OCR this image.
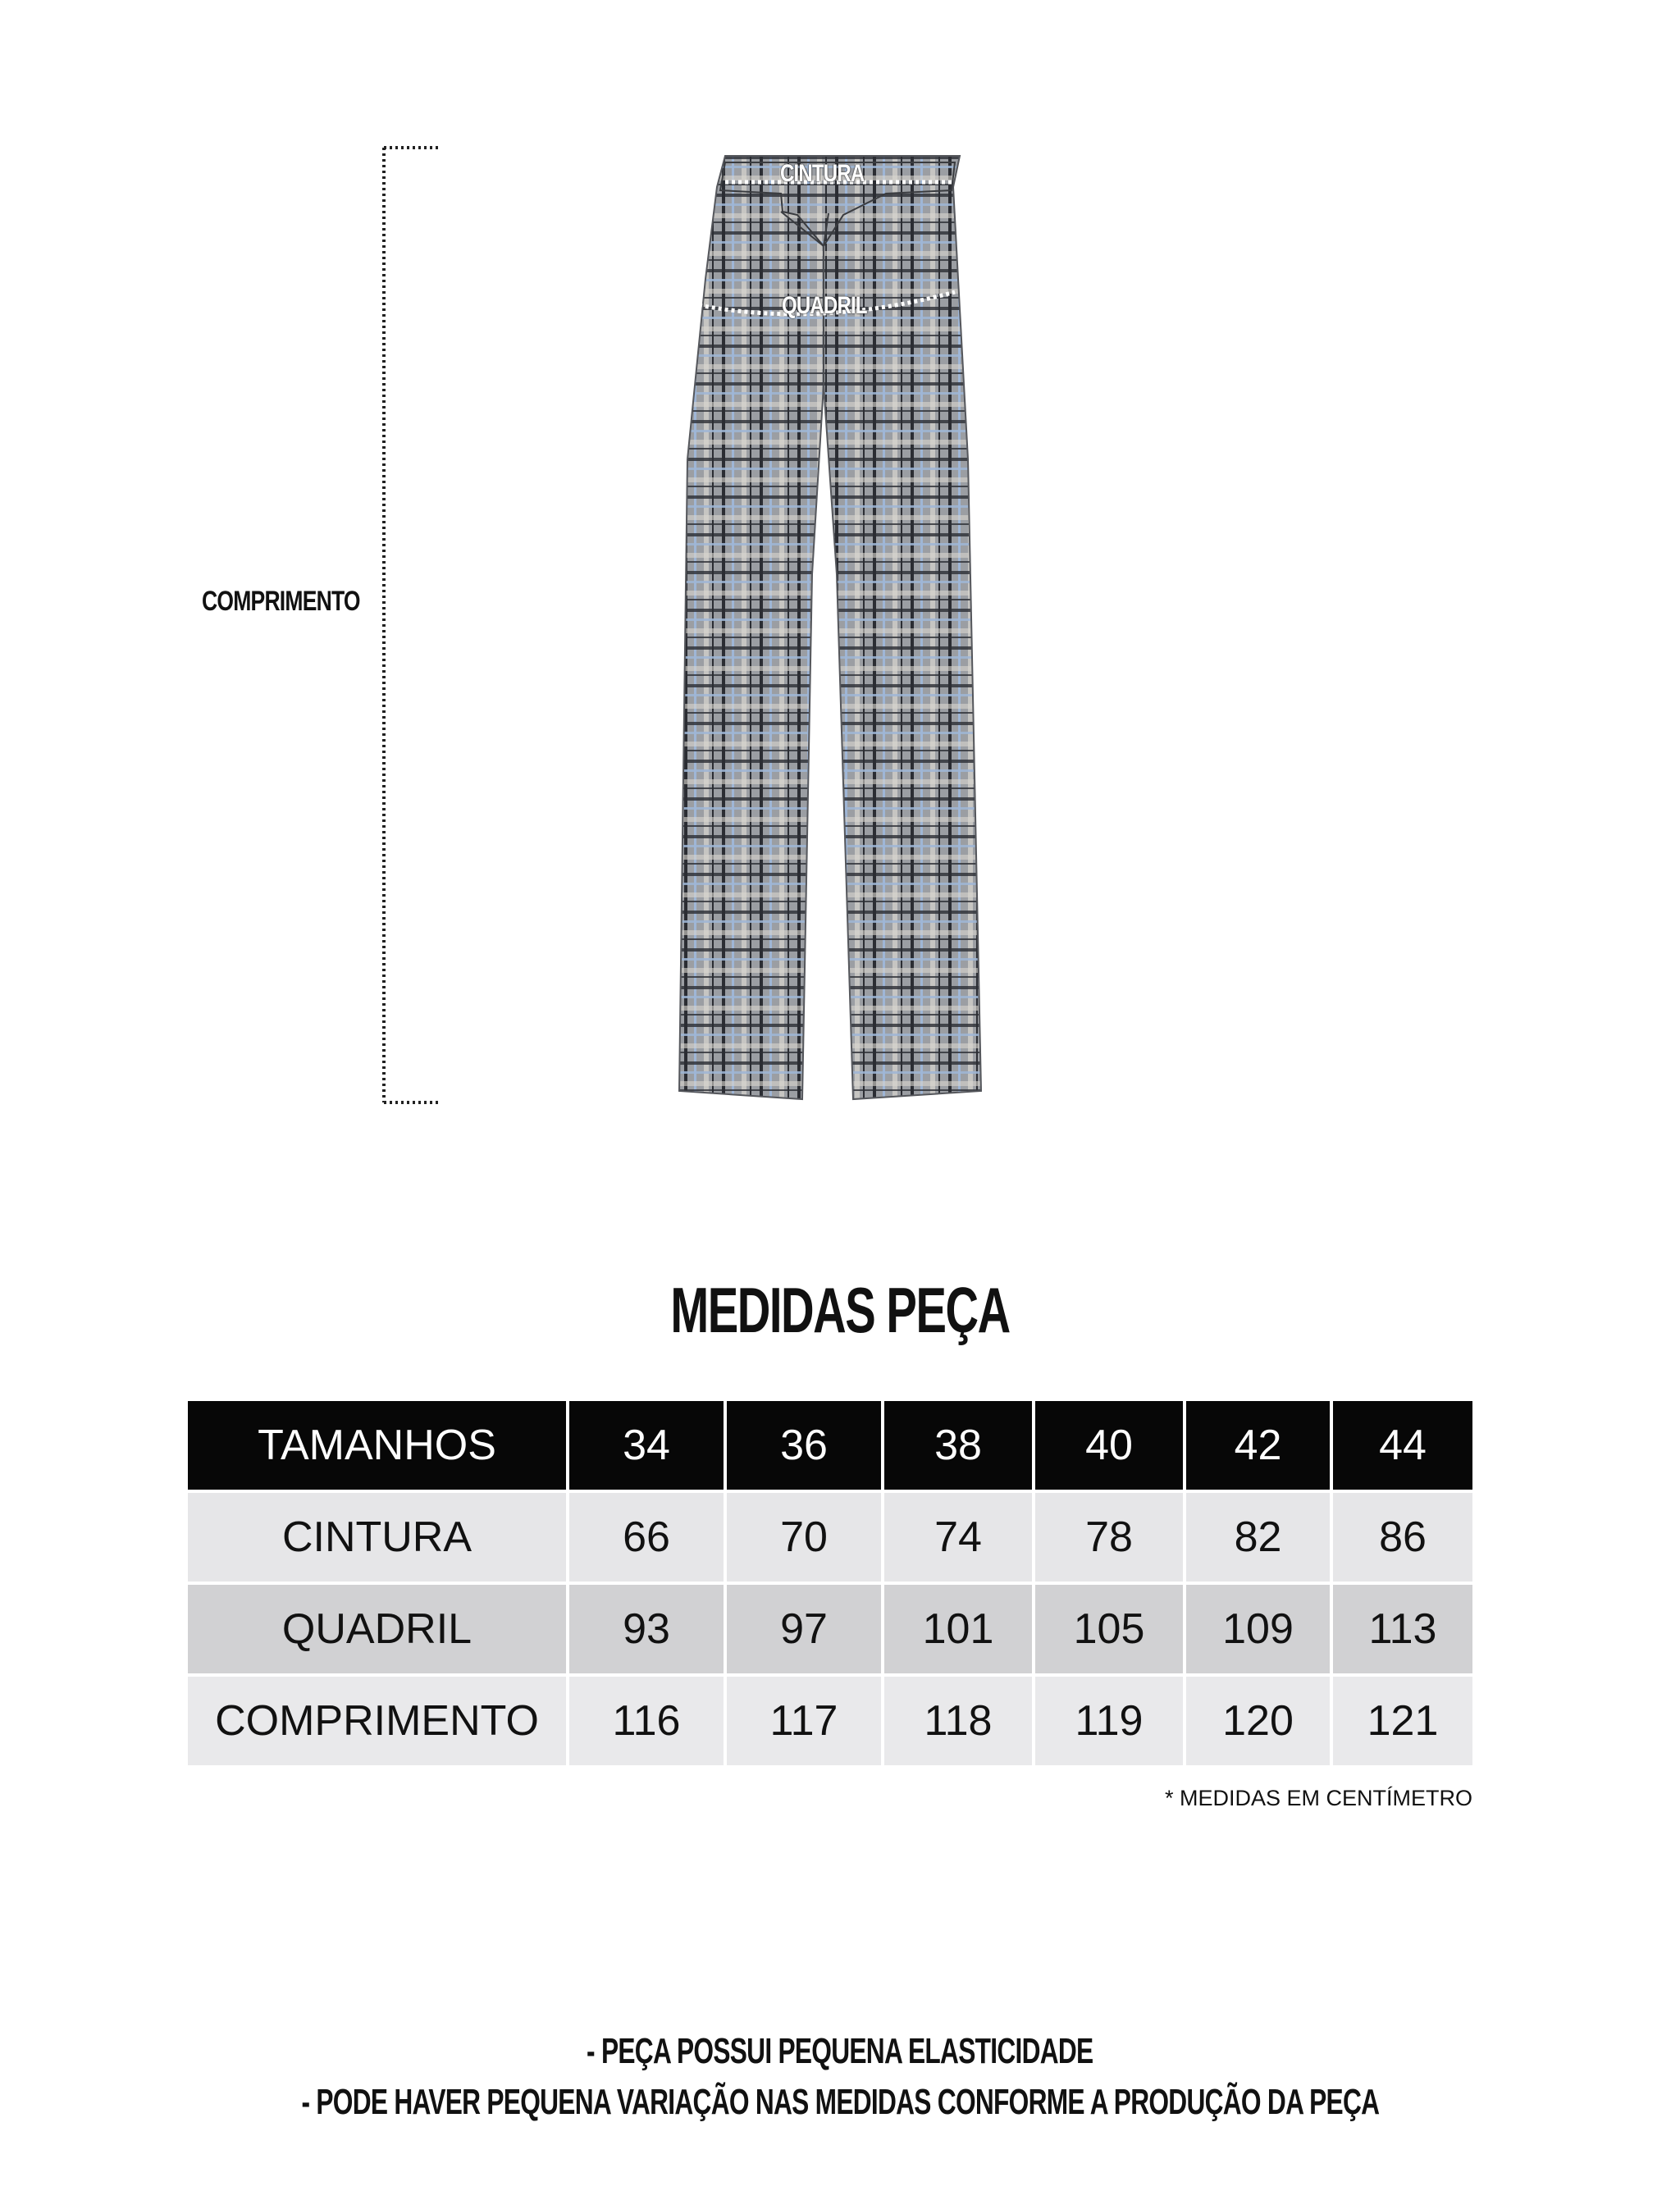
COMPRIMENTO
CINTURA
QUADRIL
MEDIDAS PEÇA
TAMANHOS	34	36	38	40	42	44
CINTURA	66	70	74	78	82	86
QUADRIL	93	97	101	105	109	113
COMPRIMENTO	116	117	118	119	120	121
* MEDIDAS EM CENTÍMETRO
- PEÇA POSSUI PEQUENA ELASTICIDADE
- PODE HAVER PEQUENA VARIAÇÃO NAS MEDIDAS CONFORME A PRODUÇÃO DA PEÇA
